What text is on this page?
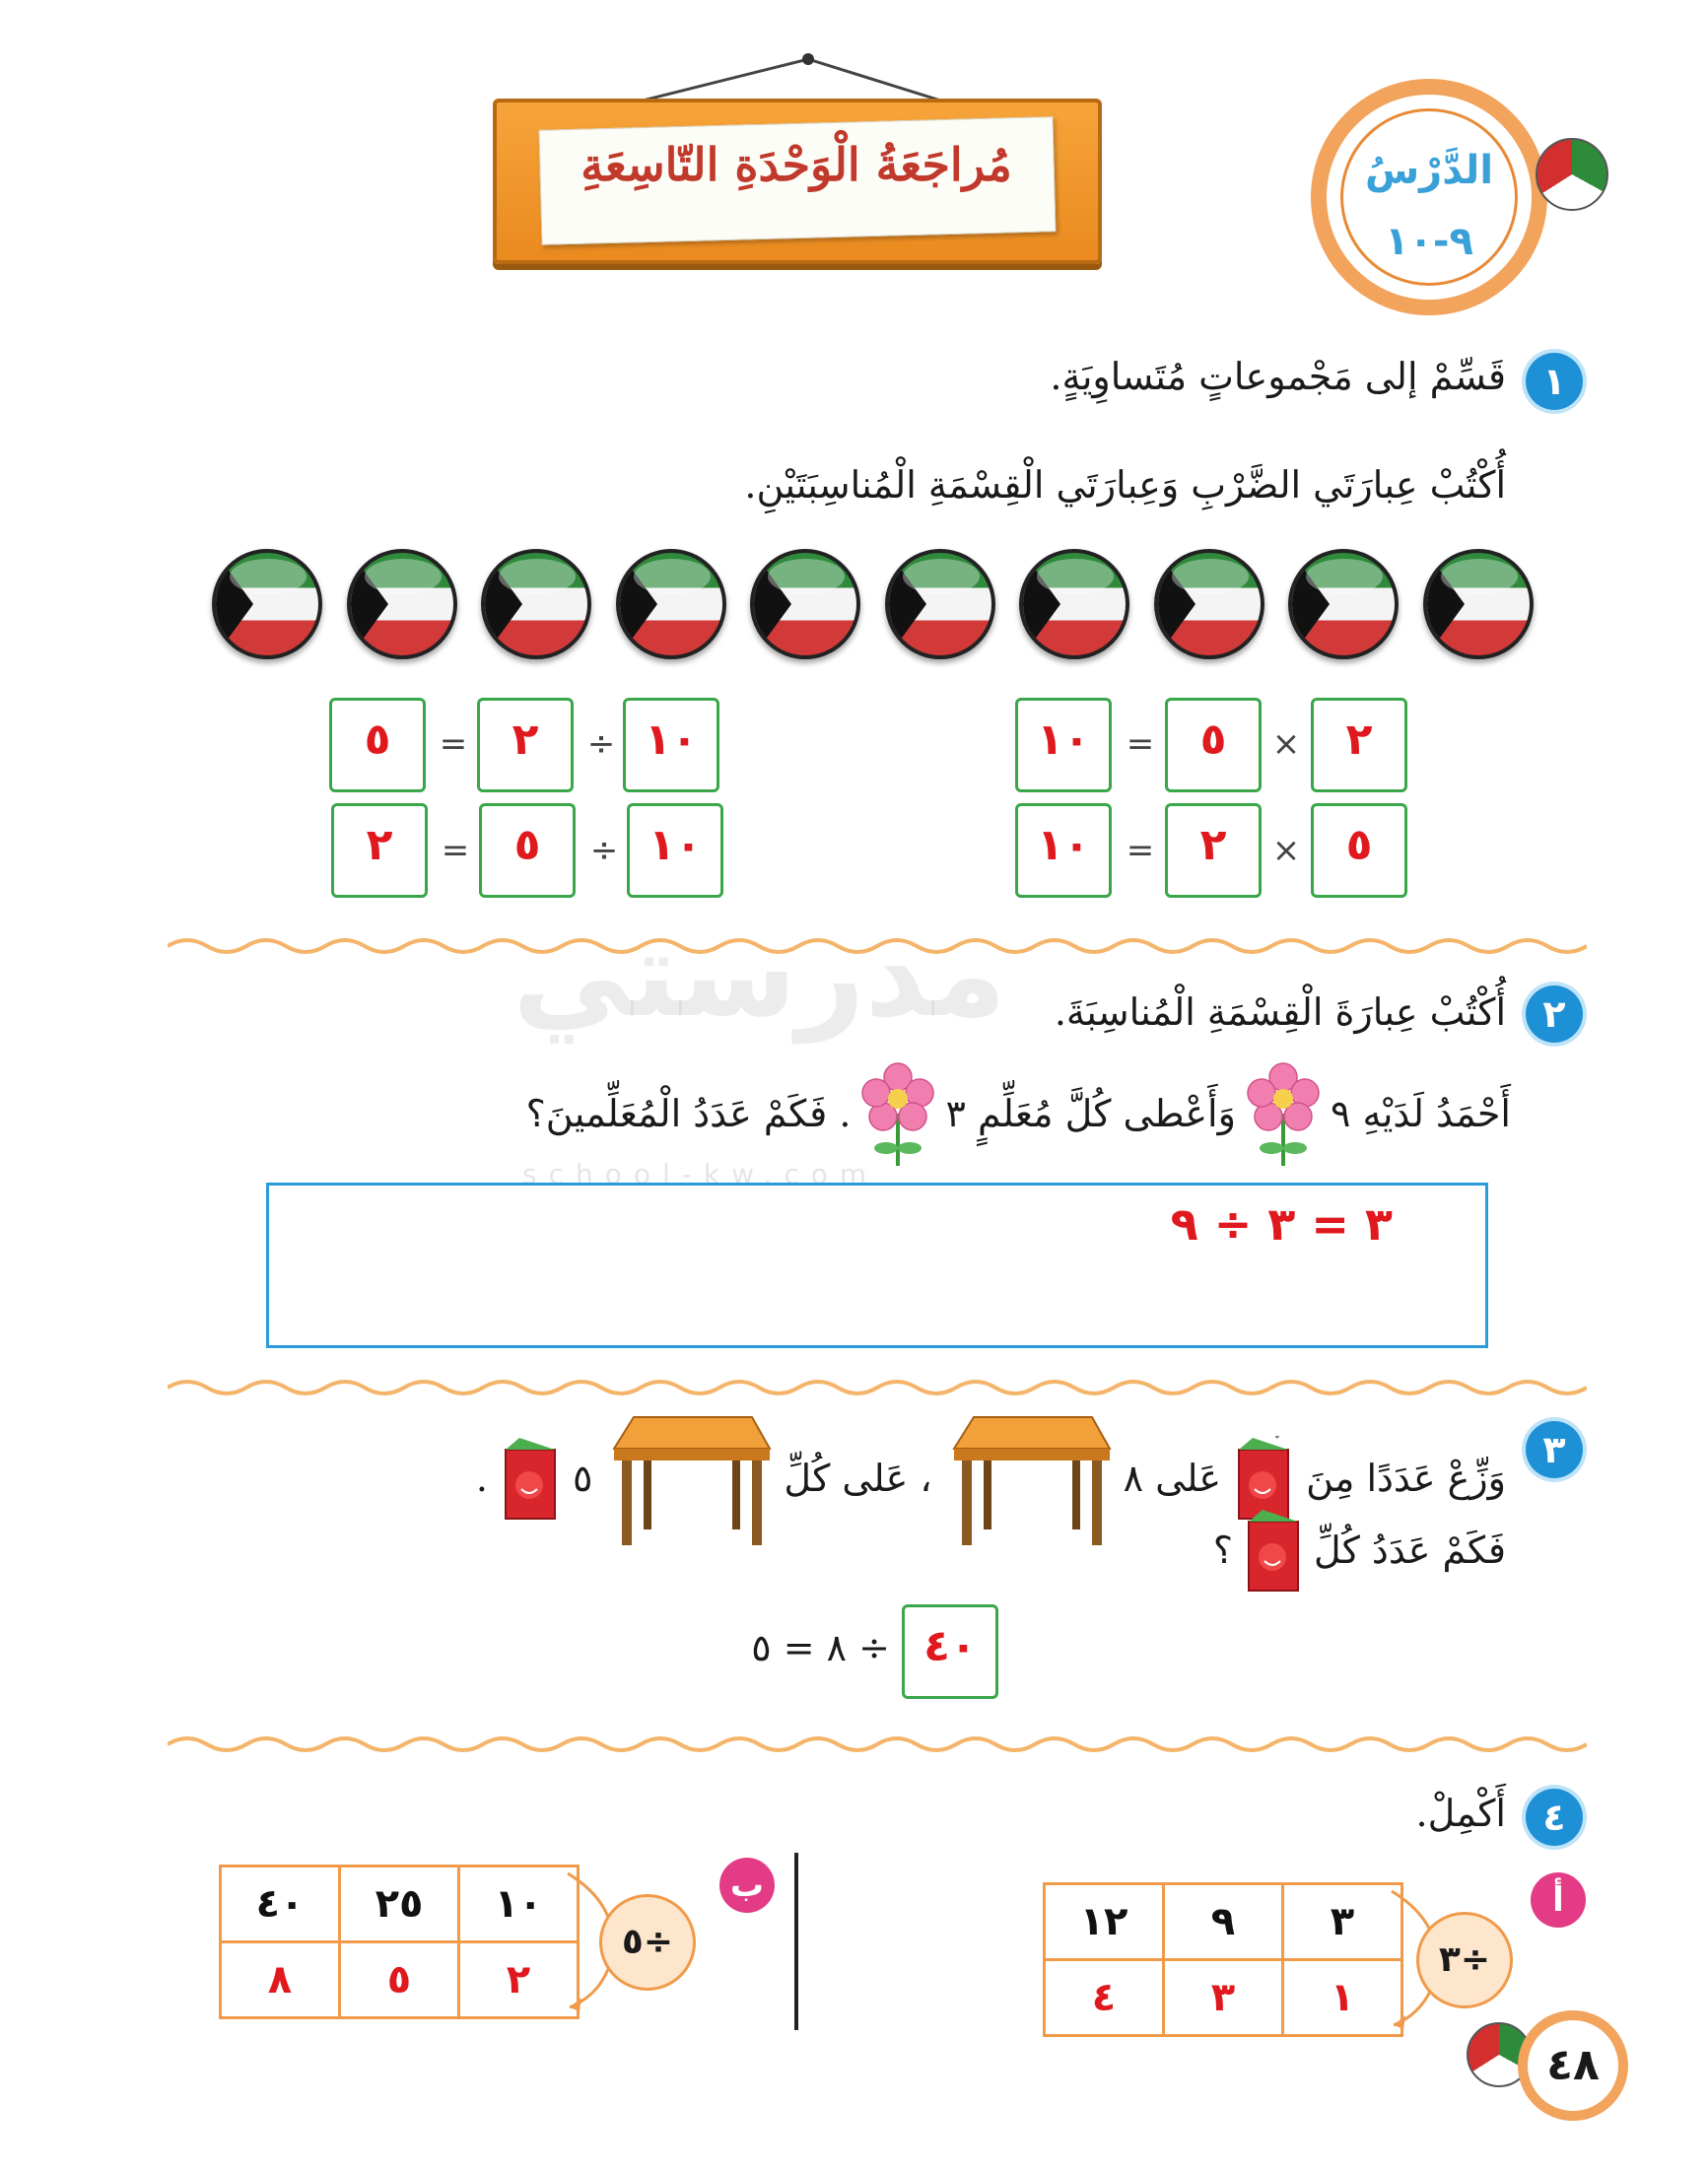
مدرستي
school-kw.com
مُراجَعَةُ الْوَحْدَةِ التّاسِعَةِ	الدَّرْسُ
٩-١٠
١
قَسِّمْ إلى مَجْموعاتٍ مُتَساوِيَةٍ.
أُكْتُبْ عِبارَتَي الضَّرْبِ وَعِبارَتَي الْقِسْمَةِ الْمُناسِبَتَيْنِ.
٢
×
٥
=
١٠
٥
×
٢
=
١٠
١٠
÷
٢
=
٥
١٠
÷
٥
=
٢
٢
أُكْتُبْ عِبارَةَ الْقِسْمَةِ الْمُناسِبَةَ.
أَحْمَدُ لَدَيْهِ ٩
وَأَعْطى كُلَّ مُعَلِّمٍ ٣
. فَكَمْ عَدَدُ الْمُعَلِّمينَ؟
٣ = ٣ ÷ ٩
٣
وَزِّعْ عَدَدًا مِنَ
عَلى ٨
، عَلى كُلِّ
٥
.
فَكَمْ عَدَدُ كُلِّ
؟
٤٠
÷ ٨ = ٥
٤
أَكْمِلْ.
أ
٣	٩	١٢
١	٣	٤
÷٣
ب
١٠	٢٥	٤٠
٢	٥	٨
÷٥
٤٨
